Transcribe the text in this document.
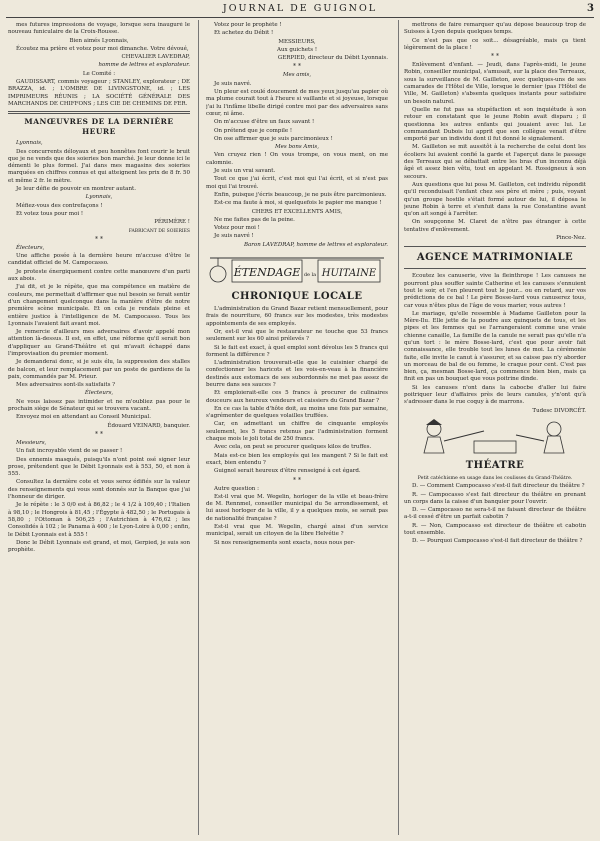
JOURNAL DE GUIGNOL	3

mes futures impressions de voyage, lorsque sera inauguré le nouveau funiculaire de la Croix-Rousse.

Bien aimés Lyonnais,

Écoutez ma prière et votez pour moi dimanche. Votre dévoué,

CHEVALIER LAVEDRAP,

homme de lettres et explorateur.

Le Comité :

GAUDISSART, commis voyageur ; STANLEY, explorateur ; DE BRAZZA, id. ; L'OMBRE DE LIVINGSTONE, id. ; LES IMPRIMEURS RÉUNIS ; LA SOCIÉTÉ GÉNÉRALE DES MARCHANDS DE CHIFFONS ; LES CIE DE CHEMINS DE FER.

MANŒUVRES DE LA DERNIÈRE HEURE

Lyonnais,

Des concurrents déloyaux et peu honnêtes font courir le bruit que je ne vends que des soieries bon marché. Je leur donne ici le démenti le plus formel. J'ai dans mes magasins des soieries marquées en chiffres connus et qui atteignent les prix de 8 fr. 50 et même 2 fr. le mètre.

Je leur défie de pouvoir en montrer autant.

Lyonnais,

Méfiez-vous des contrefaçons !

Et votez tous pour moi !

PÉRIMÈRE !

FABRICANT DE SOIERIES

* *

Électeurs,

Une affiche posée à la dernière heure m'accuse d'être le candidat officiel de M. Campocasso.

Je proteste énergiquement contre cette manœuvre d'un parti aux abois.

J'ai dit, et je le répète, que ma compétence en matière de couleurs, me permettait d'affirmer que nul besoin se ferait sentir d'un changement quelconque dans la manière d'être de notre première scène municipale. Et on cela je rendais pleine et entière justice à l'intelligence de M. Campocasso. Tous les Lyonnais l'avaient fait avant moi.

Je remercie d'ailleurs mes adversaires d'avoir appelé mon attention là-dessus. Il est, en effet, une réforme qu'il serait bon d'appliquer au Grand-Théâtre et qui m'avait échappé dans l'improvisation du premier moment.

Je demanderai donc, si je suis élu, la suppression des stalles de balcon, et leur remplacement par un poste de gardiens de la paix, commandés par M. Prieur.

Mes adversaires sont-ils satisfaits ?

Électeurs,

Ne vous laissez pas intimider et ne m'oubliez pas pour le prochain siège de Sénateur qui se trouvera vacant.

Envoyez moi en attendant au Conseil Municipal.

Édouard VEINARD, banquier.

* *

Messieurs,

Un fait incroyable vient de se passer !

Des ennemis masqués, puisqu'ils n'ont point osé signer leur prose, prétendent que le Débit Lyonnais est à 553, 50, et non à 555.

Consultez la dernière cote et vous serez édifiés sur la valeur des renseignements qui vous sont donnés sur la Banque que j'ai l'honneur de diriger.

Je le répète : le 3 0/0 est à 86,82 ; le 4 1/2 à 109,40 ; l'Italien à 98,10 ; le Hongrois à 81,45 ; l'Égypte à 482,50 ; le Portugais à 58,80 ; l'Ottoman à 506,25 ; l'Autrichien à 476,62 ; les Consolidés à 102 ; le Panama à 400 ; le Lyon-Loire à 0,00 ; enfin, le Débit Lyonnais est à 555 !

Donc le Débit Lyonnais est grand, et moi, Gerpied, je suis son prophète.

Votez pour le prophète !

Et achetez du Débit !

MESSIEURS,

Aux guichets !

GERPIED, directeur du Débit Lyonnais.

* *

Mes amis,

Je suis navré.

Un pleur est coulé doucement de mes yeux jusqu'au papier où ma plume courait tout à l'heure si vaillante et si joyeuse, lorsque j'ai lu l'infâme libelle dirigé contre moi par des adversaires sans cœur, ni âme.

On m'accuse d'être un faux savant !

On prétend que je compile !

On ose affirmer que je suis parcimonieux !

Mes bons Amis,

Ven cruyez rien ! On vous trompe, on vous ment, on me calomnie.

Je suis un vrai savant.

Tout ce que j'ai écrit, c'est moi qui l'ai écrit, et si n'est pas moi qui l'ai trouvé.

Enfin, puisque j'écris beaucoup, je ne puis être parcimonieux.

Est-ce ma faute à moi, si quelquefois le papier me manque !

CHERS ET EXCELLENTS AMIS,

Ne me faites pas de la peine.

Votez pour moi !

Je suis navré !

Baron LAVEDRAP, homme de lettres et explorateur.

ÉTENDAGE de la HUITAINE
CHRONIQUE LOCALE

L'administration du Grand Bazar retient mensuellement, pour frais de nourriture, 60 francs sur les modestes, très modestes appointements de ses employés.

Or, est-il vrai que le restaurateur ne touche que 53 francs seulement sur les 60 ainsi prélevés ?

Si le fait est exact, à quel emploi sont dévolus les 5 francs qui forment la différence ?

L'administration trouverait-elle que le cuisinier chargé de confectionner les haricots et les vois-en-veau à la financière destinés aux estomacs de ses subordonnés ne met pas assez de beurre dans ses sauces ?

Et emploierait-elle ces 5 francs à procurer de culinaires douceurs aux heureux vendeurs et caissiers du Grand Bazar ?

En ce cas la table d'hôte doit, au moins une fois par semaine, s'agrémenter de quelques volailles truffées.

Car, en admettant un chiffre de cinquante employés seulement, les 5 francs retenus par l'administration forment chaque mois le joli total de 250 francs.

Avec cela, on peut se procurer quelques kilos de truffes.

Mais est-ce bien les employés qui les mangent ? Si le fait est exact, bien entendu ?

Guignol serait heureux d'être renseigné à cet égard.

* *

Autre question :

Est-il vrai que M. Wegelin, horloger de la ville et beau-frère de M. Rennmel, conseiller municipal du 5e arrondissement, et lui aussi horloger de la ville, il y a quelques mois, se serait pas de nationalité française ?

Est-il vrai que M. Wegelin, chargé ainsi d'un service municipal, serait un citoyen de la libre Helvétie ?

Si nos renseignements sont exacts, nous nous per-

mettrons de faire remarquer qu'au dépose beaucoup trop de Suisses à Lyon depuis quelques temps.

Ce n'est pas que ce soit... désagréable, mais ça tient légèrement de la place !

* *

Enlèvement d'enfant. — Jeudi, dans l'après-midi, le jeune Robin, conseiller municipal, s'amusait, sur la place des Terreaux, sous la surveillance de M. Gailleton, avec quelques-uns de ses camarades de l'Hôtel de Ville, lorsque le dernier (pas l'Hôtel de Ville, M. Gailleton) s'absenta quelques instants pour satisfaire un besoin naturel.

Quelle ne fut pas sa stupéfaction et son inquiétude à son retour en constatant que le jeune Robin avait disparu ; il questionna les autres enfants qui jouaient avec lui. Le commandant Dubois lui apprit que son collègue venait d'être emporté par un individu dont il fut donné le signalement.

M. Gailleton se mit aussitôt à la recherche de celui dont les écoliers lui avaient confié la garde et l'aperçut dans le passage des Terreaux qui se débattait entre les bras d'un inconnu déjà âgé et assez bien vêtu, tout en appelant M. Rossigneux à son secours.

Aux questions que lui posa M. Gailleton, cet individu répondit qu'il reconduisait l'enfant chez ses père et mère ; puis, voyant qu'un groupe hostile s'était formé autour de lui, il déposa le jeune Robin à terre et s'enfuit dans la rue Constantine avant qu'on ait songé à l'arrêter.

On soupçonne M. Claret de n'être pas étranger à cette tentative d'enlèvement.

Pince-Nez.

AGENCE MATRIMONIALE

Ecoutez les canuserie, vive la fleinthrope ! Les canuses ne pourront plus souffer sainte Catherine et les canuses s'ennuient tout le soir, et l'en pleurent tout le jour... ou en retard, sur vos prédictions de ce bal ! Le père Bosse-lard vous canuserez tous, car vous n'êtes plus de l'âge de vous marier, vous autres !

Le mariage, qu'elle ressemble à Madame Gailleton pour la Mère-Ilu. Elle jette de la poudre aux quinquets de tous, et les pipes et les femmes qui se l'arrangeraient comme une vraie chienne canaille, La famille de la canule ne serait pas qu'elle n'a qu'un tort : le mère Bosse-lard, c'est que pour avoir fait connaissance, elle trouble tout les lunes de moi. La cérémonie faite, elle invite le canut à s'assurer, et sa caisse pas n'y aborder un morceau de bal de ou femme, le craque pour cent. C'est pas bien, ça, mesman Bosse-lard, ça commence bien bien, mais ça finit en pas un bouquet que vous poitrine dinde.

Si les canuses n'ont dans la cabocbe d'aller lui faire poitriquer leur d'affaires près de leurs canules, y'n'ont qu'à s'adresser dans le rue coquy à de marrons.

Tudesc DIVORCÉT.

THÉATRE

Petit catéchisme en usage dans les coulisses du Grand-Théâtre.

D. — Comment Campocasso s'est-il fait directeur du théâtre ?

R. — Campocasso s'est fait directeur du théâtre en prenant un corps dans la caisse d'un banquier pour l'ouvrir.

D. — Campocasso ne sera-t-il ne faisant directeur de théâtre a-t-il cessé d'être un parfait cabotin ?

R. — Non, Campocasso est directeur de théâtre et cabotin tout ensemble.

D. — Pourquoi Campocasso s'est-il fait directeur de théâtre ?
